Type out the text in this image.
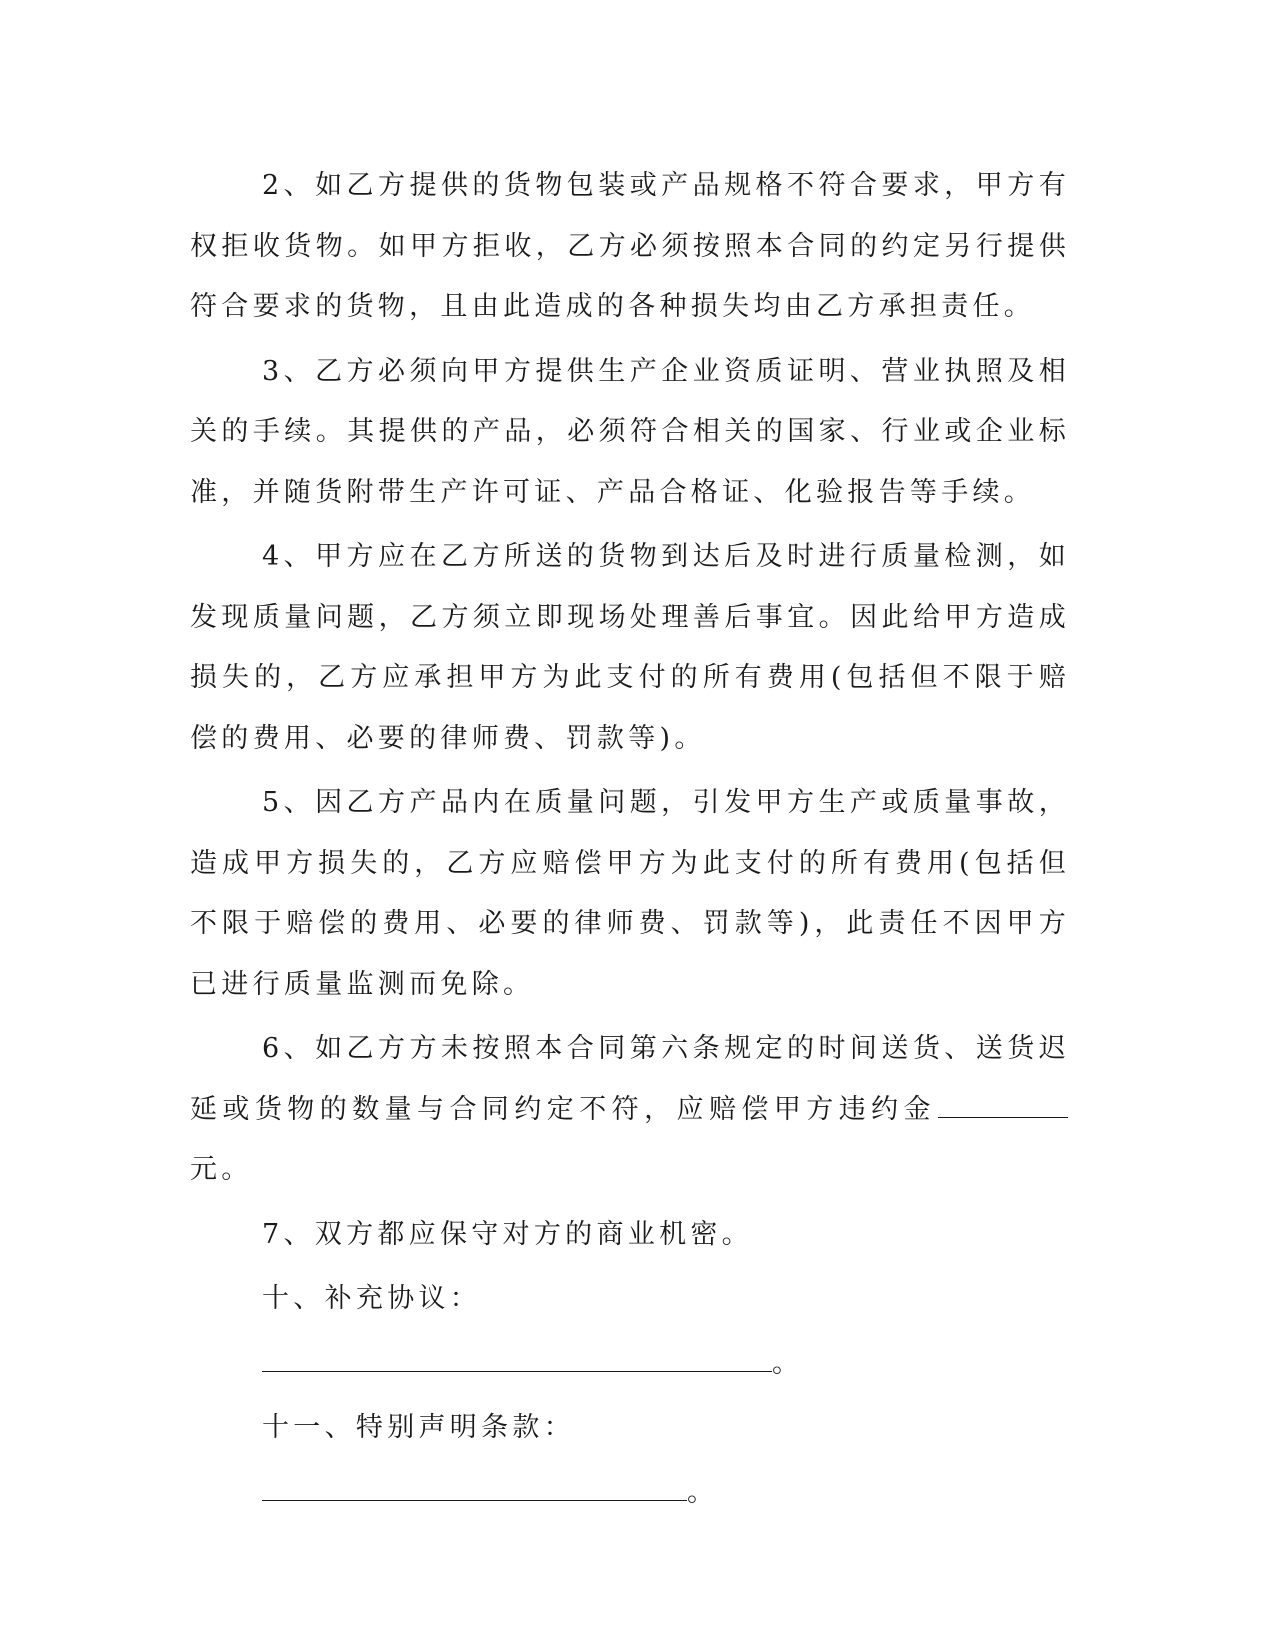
2、如乙方提供的货物包装或产品规格不符合要求，甲方有权拒收货物。如甲方拒收，乙方必须按照本合同的约定另行提供符合要求的货物，且由此造成的各种损失均由乙方承担责任。

3、乙方必须向甲方提供生产企业资质证明、营业执照及相关的手续。其提供的产品，必须符合相关的国家、行业或企业标准，并随货附带生产许可证、产品合格证、化验报告等手续。

4、甲方应在乙方所送的货物到达后及时进行质量检测，如发现质量问题，乙方须立即现场处理善后事宜。因此给甲方造成损失的，乙方应承担甲方为此支付的所有费用(包括但不限于赔偿的费用、必要的律师费、罚款等)。

5、因乙方产品内在质量问题，引发甲方生产或质量事故，造成甲方损失的，乙方应赔偿甲方为此支付的所有费用(包括但不限于赔偿的费用、必要的律师费、罚款等)，此责任不因甲方已进行质量监测而免除。

6、如乙方方未按照本合同第六条规定的时间送货、送货迟延或货物的数量与合同约定不符，应赔偿甲方违约金元。

7、双方都应保守对方的商业机密。

十、补充协议：

。

十一、特别声明条款：

。
